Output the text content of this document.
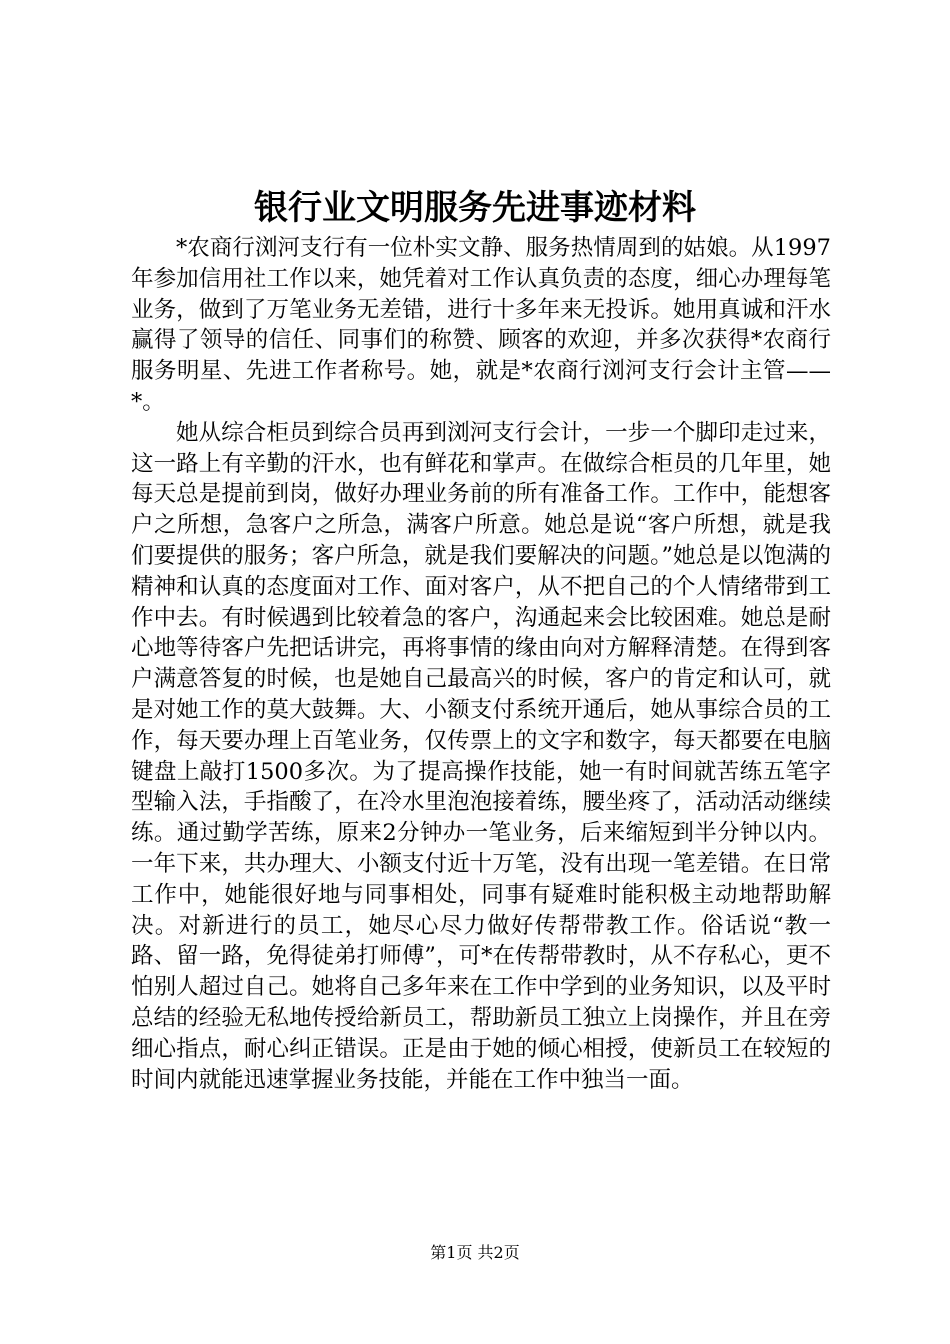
银行业文明服务先进事迹材料

*农商行浏河支行有一位朴实文静、服务热情周到的姑娘。从1997年参加信用社工作以来，她凭着对工作认真负责的态度，细心办理每笔业务，做到了万笔业务无差错，进行十多年来无投诉。她用真诚和汗水赢得了领导的信任、同事们的称赞、顾客的欢迎，并多次获得*农商行服务明星、先进工作者称号。她，就是*农商行浏河支行会计主管——*。

她从综合柜员到综合员再到浏河支行会计，一步一个脚印走过来，这一路上有辛勤的汗水，也有鲜花和掌声。在做综合柜员的几年里，她每天总是提前到岗，做好办理业务前的所有准备工作。工作中，能想客户之所想，急客户之所急，满客户所意。她总是说“客户所想，就是我们要提供的服务；客户所急，就是我们要解决的问题。”她总是以饱满的精神和认真的态度面对工作、面对客户，从不把自己的个人情绪带到工作中去。有时候遇到比较着急的客户，沟通起来会比较困难。她总是耐心地等待客户先把话讲完，再将事情的缘由向对方解释清楚。在得到客户满意答复的时候，也是她自己最高兴的时候，客户的肯定和认可，就是对她工作的莫大鼓舞。大、小额支付系统开通后，她从事综合员的工作，每天要办理上百笔业务，仅传票上的文字和数字，每天都要在电脑键盘上敲打1500多次。为了提高操作技能，她一有时间就苦练五笔字型输入法，手指酸了，在冷水里泡泡接着练，腰坐疼了，活动活动继续练。通过勤学苦练，原来2分钟办一笔业务，后来缩短到半分钟以内。一年下来，共办理大、小额支付近十万笔，没有出现一笔差错。在日常工作中，她能很好地与同事相处，同事有疑难时能积极主动地帮助解决。对新进行的员工，她尽心尽力做好传帮带教工作。俗话说“教一路、留一路，免得徒弟打师傅”，可*在传帮带教时，从不存私心，更不怕别人超过自己。她将自己多年来在工作中学到的业务知识，以及平时总结的经验无私地传授给新员工，帮助新员工独立上岗操作，并且在旁细心指点，耐心纠正错误。正是由于她的倾心相授，使新员工在较短的时间内就能迅速掌握业务技能，并能在工作中独当一面。

第1页 共2页
